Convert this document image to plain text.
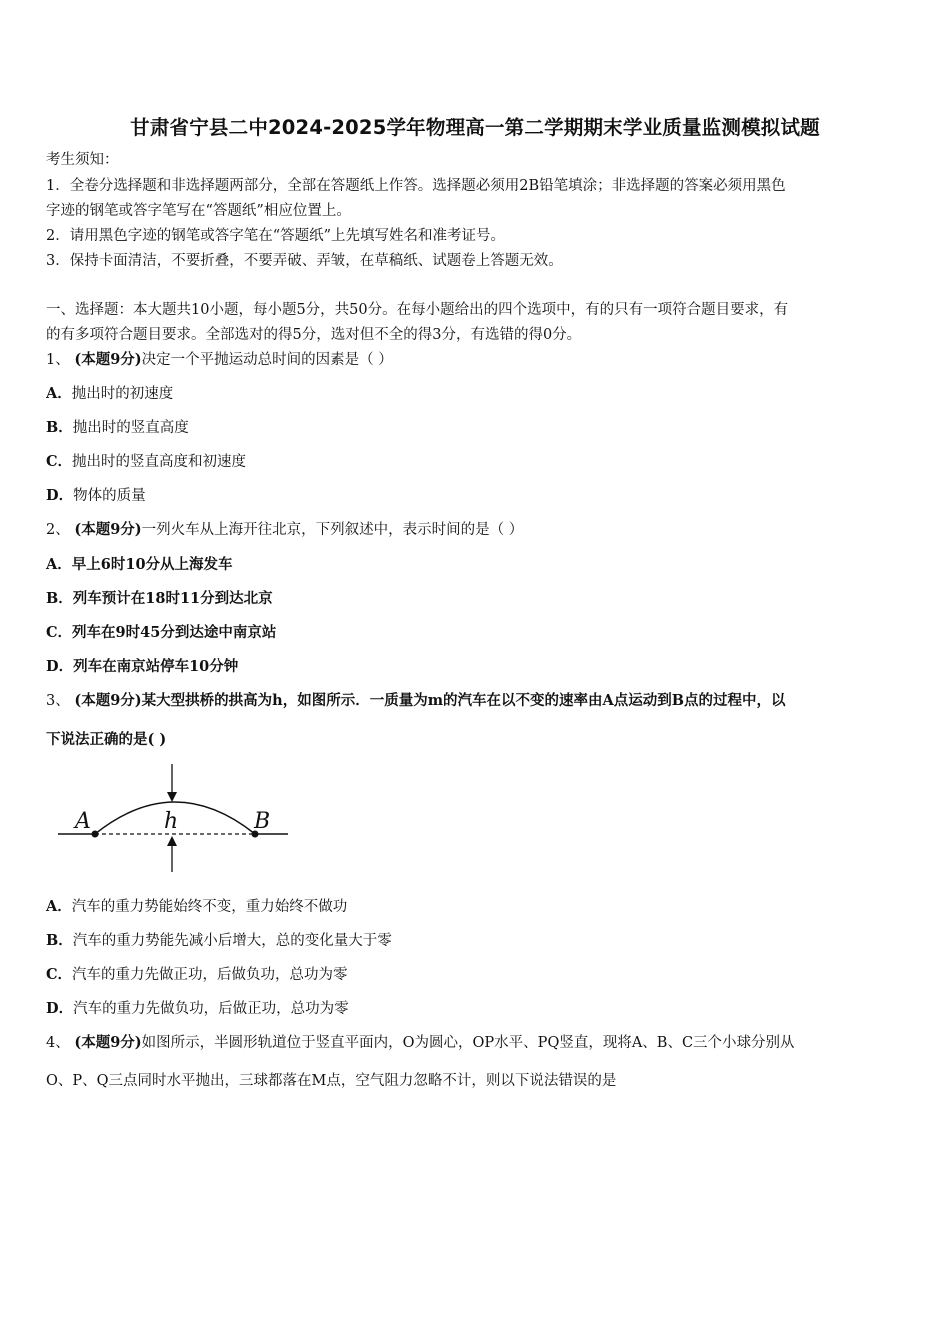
甘肃省宁县二中2024-2025学年物理高一第二学期期末学业质量监测模拟试题
考生须知：
1．全卷分选择题和非选择题两部分，全部在答题纸上作答。选择题必须用2B铅笔填涂；非选择题的答案必须用黑色
字迹的钢笔或答字笔写在“答题纸”相应位置上。
2．请用黑色字迹的钢笔或答字笔在“答题纸”上先填写姓名和准考证号。
3．保持卡面清洁，不要折叠，不要弄破、弄皱，在草稿纸、试题卷上答题无效。
一、选择题：本大题共10小题，每小题5分，共50分。在每小题给出的四个选项中，有的只有一项符合题目要求，有
的有多项符合题目要求。全部选对的得5分，选对但不全的得3分，有选错的得0分。
1、 (本题9分)决定一个平抛运动总时间的因素是（ ）
A．抛出时的初速度
B．抛出时的竖直高度
C．抛出时的竖直高度和初速度
D．物体的质量
2、 (本题9分)一列火车从上海开往北京，下列叙述中，表示时间的是（ ）
A．早上6时10分从上海发车
B．列车预计在18时11分到达北京
C．列车在9时45分到达途中南京站
D．列车在南京站停车10分钟
3、 (本题9分)某大型拱桥的拱高为h，如图所示．一质量为m的汽车在以不变的速率由A点运动到B点的过程中，以
下说法正确的是( )
A	h	B
A．汽车的重力势能始终不变，重力始终不做功
B．汽车的重力势能先减小后增大，总的变化量大于零
C．汽车的重力先做正功，后做负功，总功为零
D．汽车的重力先做负功，后做正功，总功为零
4、 (本题9分)如图所示，半圆形轨道位于竖直平面内，O为圆心，OP水平、PQ竖直，现将A、B、C三个小球分别从
O、P、Q三点同时水平抛出，三球都落在M点，空气阻力忽略不计，则以下说法错误的是
